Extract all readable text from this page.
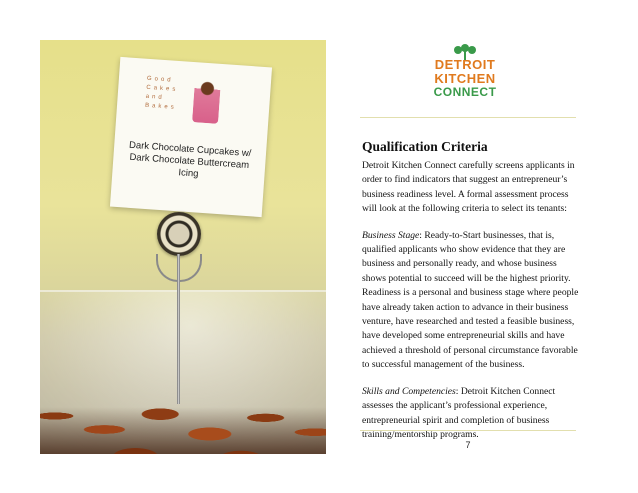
Good Cakes and Bakes
Dark Chocolate Cupcakes w/ Dark Chocolate Buttercream Icing
DETROIT
KITCHEN
CONNECT
Qualification Criteria

Detroit Kitchen Connect carefully screens applicants in order to find indicators that suggest an entrepreneur’s business readiness level. A formal assessment process will look at the following criteria to select its tenants:

Business Stage: Ready-to-Start businesses, that is, qualified applicants who show evidence that they are business and personally ready, and whose business shows potential to succeed will be the highest priority. Readiness is a personal and business stage where people have already taken action to advance in their business venture, have researched and tested a feasible business, have developed some entrepreneurial skills and have achieved a threshold of personal circumstance favorable to successful management of the business.

Skills and Competencies: Detroit Kitchen Connect assesses the applicant’s professional experience, entrepreneurial spirit and completion of business training/mentorship programs.

7
